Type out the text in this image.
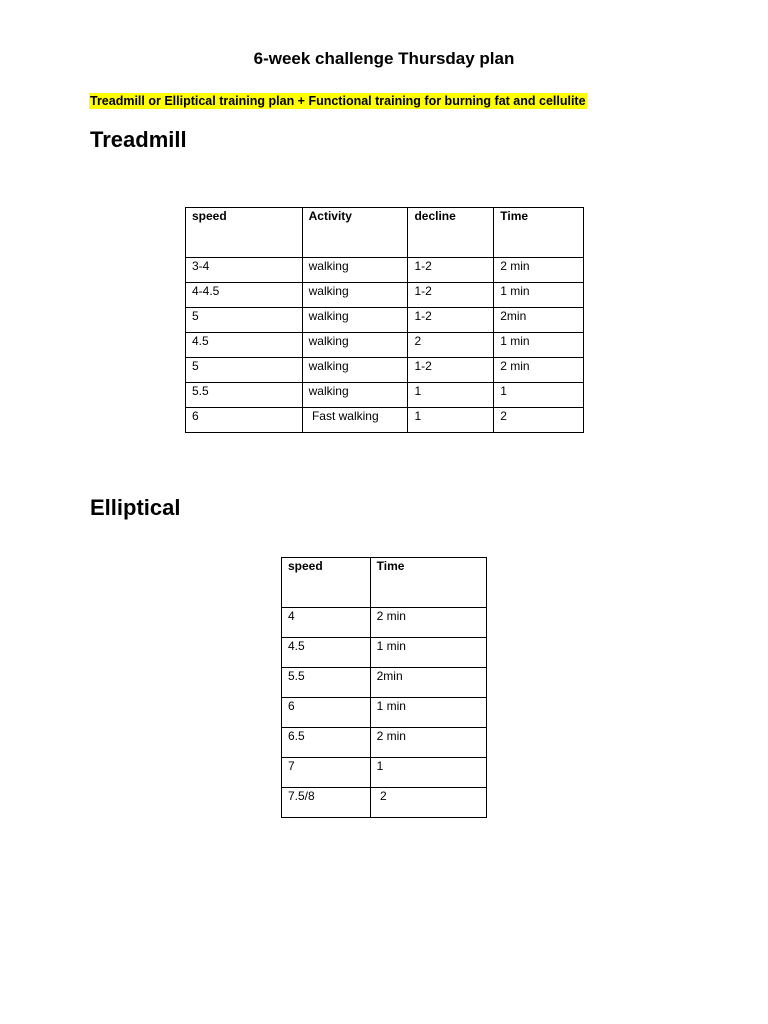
6-week challenge Thursday plan
Treadmill or Elliptical training plan + Functional training for burning fat and cellulite
Treadmill
speed	Activity	decline	Time
3-4	walking	1-2	2 min
4-4.5	walking	1-2	1 min
5	walking	1-2	2min
4.5	walking	2	1 min
5	walking	1-2	2 min
5.5	walking	1	1
6	Fast walking	1	2
Elliptical
speed	Time
4	2 min
4.5	1 min
5.5	2min
6	1 min
6.5	2 min
7	1
7.5/8	2
